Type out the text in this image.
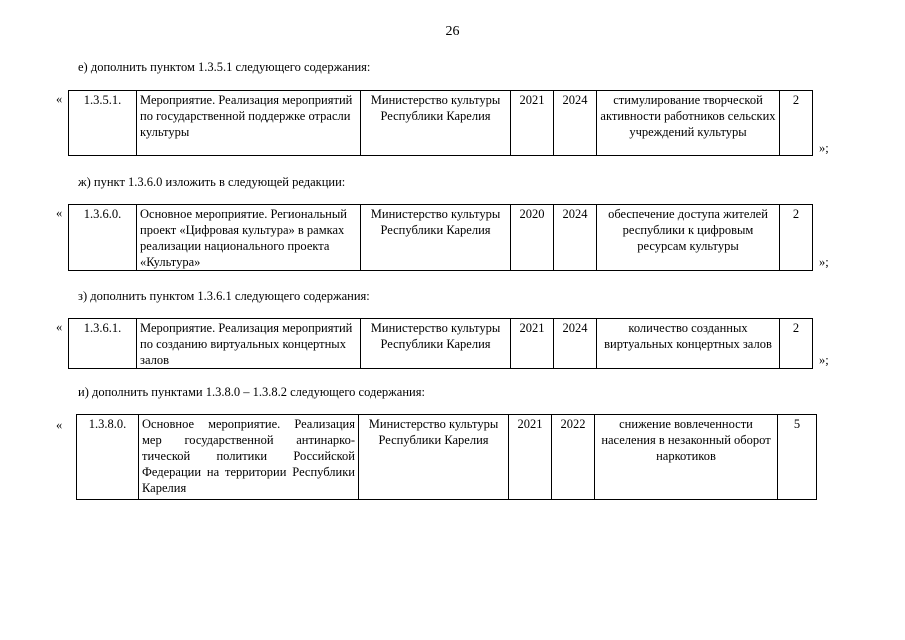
26
е) дополнить пунктом 1.3.5.1 следующего содержания:
« 1.3.5.1.	Мероприятие. Реализация мероприятий по государственной поддержке отрасли культуры	Министерство культуры Республики Карелия	2021	2024	стимулирование творческой активности работников сельских учреждений культуры	2
»;
ж) пункт 1.3.6.0 изложить в следующей редакции:
« 1.3.6.0.	Основное мероприятие. Региональный проект «Цифровая культура» в рамках реализации национального проекта «Культура»	Министерство культуры Республики Карелия	2020	2024	обеспечение доступа жителей республики к цифровым ресурсам культуры	2
»;
з) дополнить пунктом 1.3.6.1 следующего содержания:
« 1.3.6.1.	Мероприятие. Реализация мероприятий по созданию виртуальных концертных залов	Министерство культуры Республики Карелия	2021	2024	количество созданных виртуальных концертных залов	2
»;
и) дополнить пунктами 1.3.8.0 – 1.3.8.2 следующего содержания:
« 1.3.8.0.	Основное мероприятие. Реализация мер государственной антинарко-тической политики Российской Федерации на территории Республики Карелия	Министерство культуры Республики Карелия	2021	2022	снижение вовлеченности населения в незаконный оборот наркотиков	5
